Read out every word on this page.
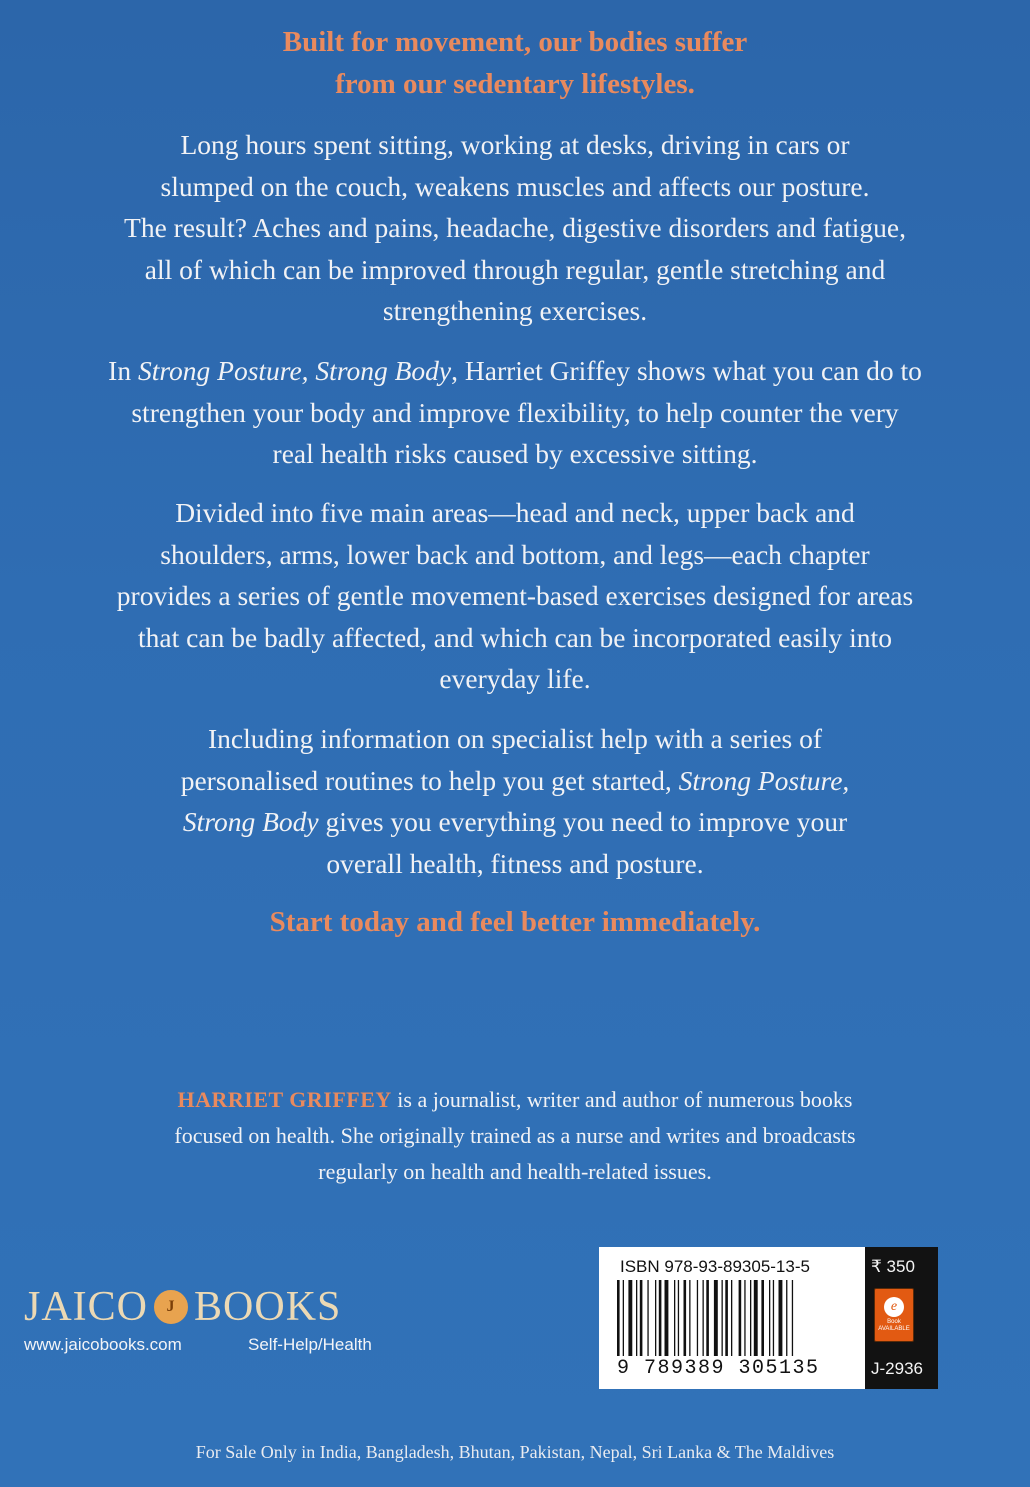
Built for movement, our bodies suffer
from our sedentary lifestyles.
Long hours spent sitting, working at desks, driving in cars or
slumped on the couch, weakens muscles and affects our posture.
The result? Aches and pains, headache, digestive disorders and fatigue,
all of which can be improved through regular, gentle stretching and
strengthening exercises.
In Strong Posture, Strong Body, Harriet Griffey shows what you can do to
strengthen your body and improve flexibility, to help counter the very
real health risks caused by excessive sitting.
Divided into five main areas—head and neck, upper back and
shoulders, arms, lower back and bottom, and legs—each chapter
provides a series of gentle movement-based exercises designed for areas
that can be badly affected, and which can be incorporated easily into
everyday life.
Including information on specialist help with a series of
personalised routines to help you get started, Strong Posture,
Strong Body gives you everything you need to improve your
overall health, fitness and posture.
Start today and feel better immediately.
HARRIET GRIFFEY is a journalist, writer and author of numerous books
focused on health. She originally trained as a nurse and writes and broadcasts
regularly on health and health-related issues.
JAICO	J BOOKS
www.jaicobooks.com	Self-Help/Health
ISBN 978-93-89305-13-5
9 789389 305135
₹ 350
e
Book
AVAILABLE
J-2936
For Sale Only in India, Bangladesh, Bhutan, Pakistan, Nepal, Sri Lanka & The Maldives
